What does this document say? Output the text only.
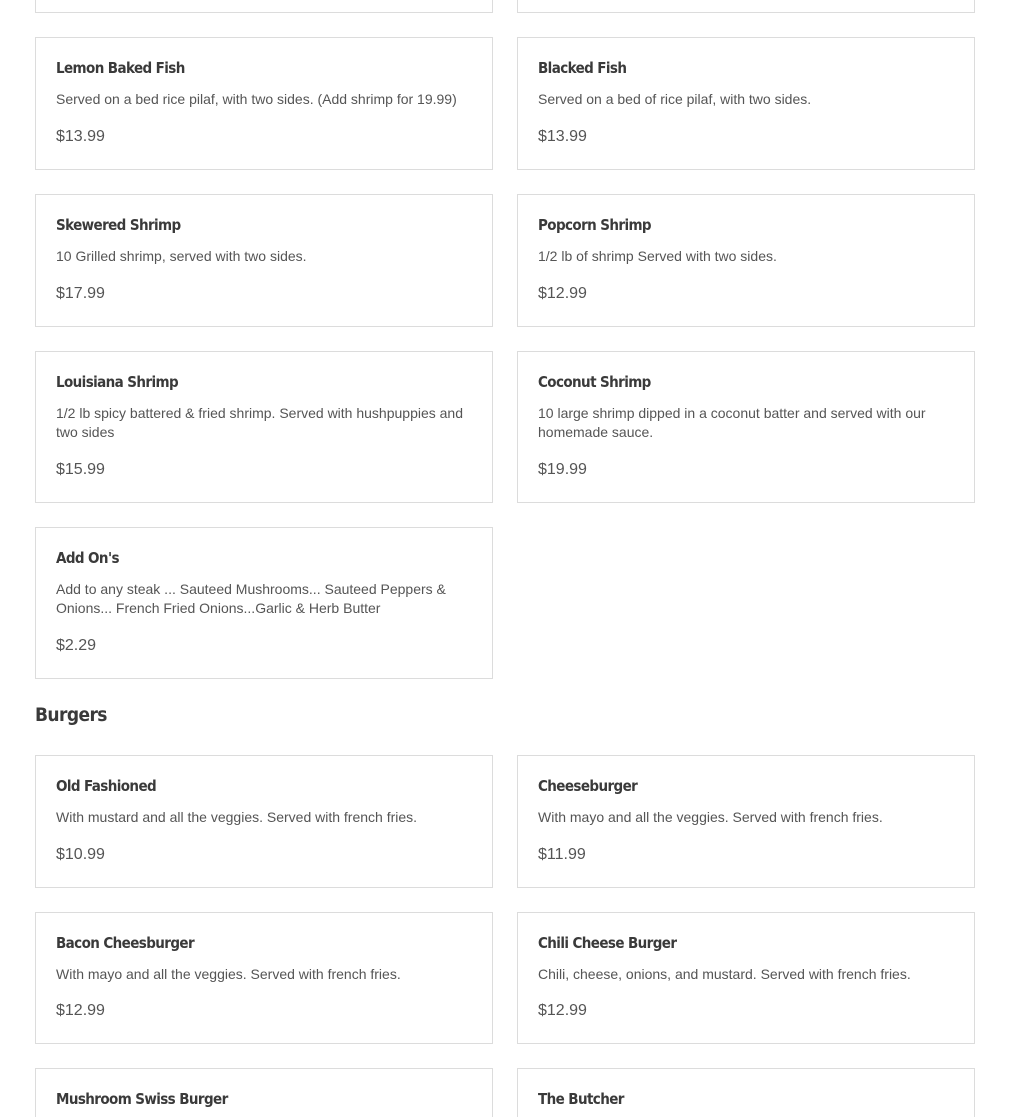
Lemon Baked Fish
Served on a bed rice pilaf, with two sides. (Add shrimp for 19.99)
$13.99
Blacked Fish
Served on a bed of rice pilaf, with two sides.
$13.99
Skewered Shrimp
10 Grilled shrimp, served with two sides.
$17.99
Popcorn Shrimp
1/2 lb of shrimp Served with two sides.
$12.99
Louisiana Shrimp
1/2 lb spicy battered & fried shrimp. Served with hushpuppies and two sides
$15.99
Coconut Shrimp
10 large shrimp dipped in a coconut batter and served with our homemade sauce.
$19.99
Add On's
Add to any steak ... Sauteed Mushrooms... Sauteed Peppers & Onions... French Fried Onions...Garlic & Herb Butter
$2.29
Burgers
Old Fashioned
With mustard and all the veggies. Served with french fries.
$10.99
Cheeseburger
With mayo and all the veggies. Served with french fries.
$11.99
Bacon Cheesburger
With mayo and all the veggies. Served with french fries.
$12.99
Chili Cheese Burger
Chili, cheese, onions, and mustard. Served with french fries.
$12.99
Mushroom Swiss Burger	The Butcher
